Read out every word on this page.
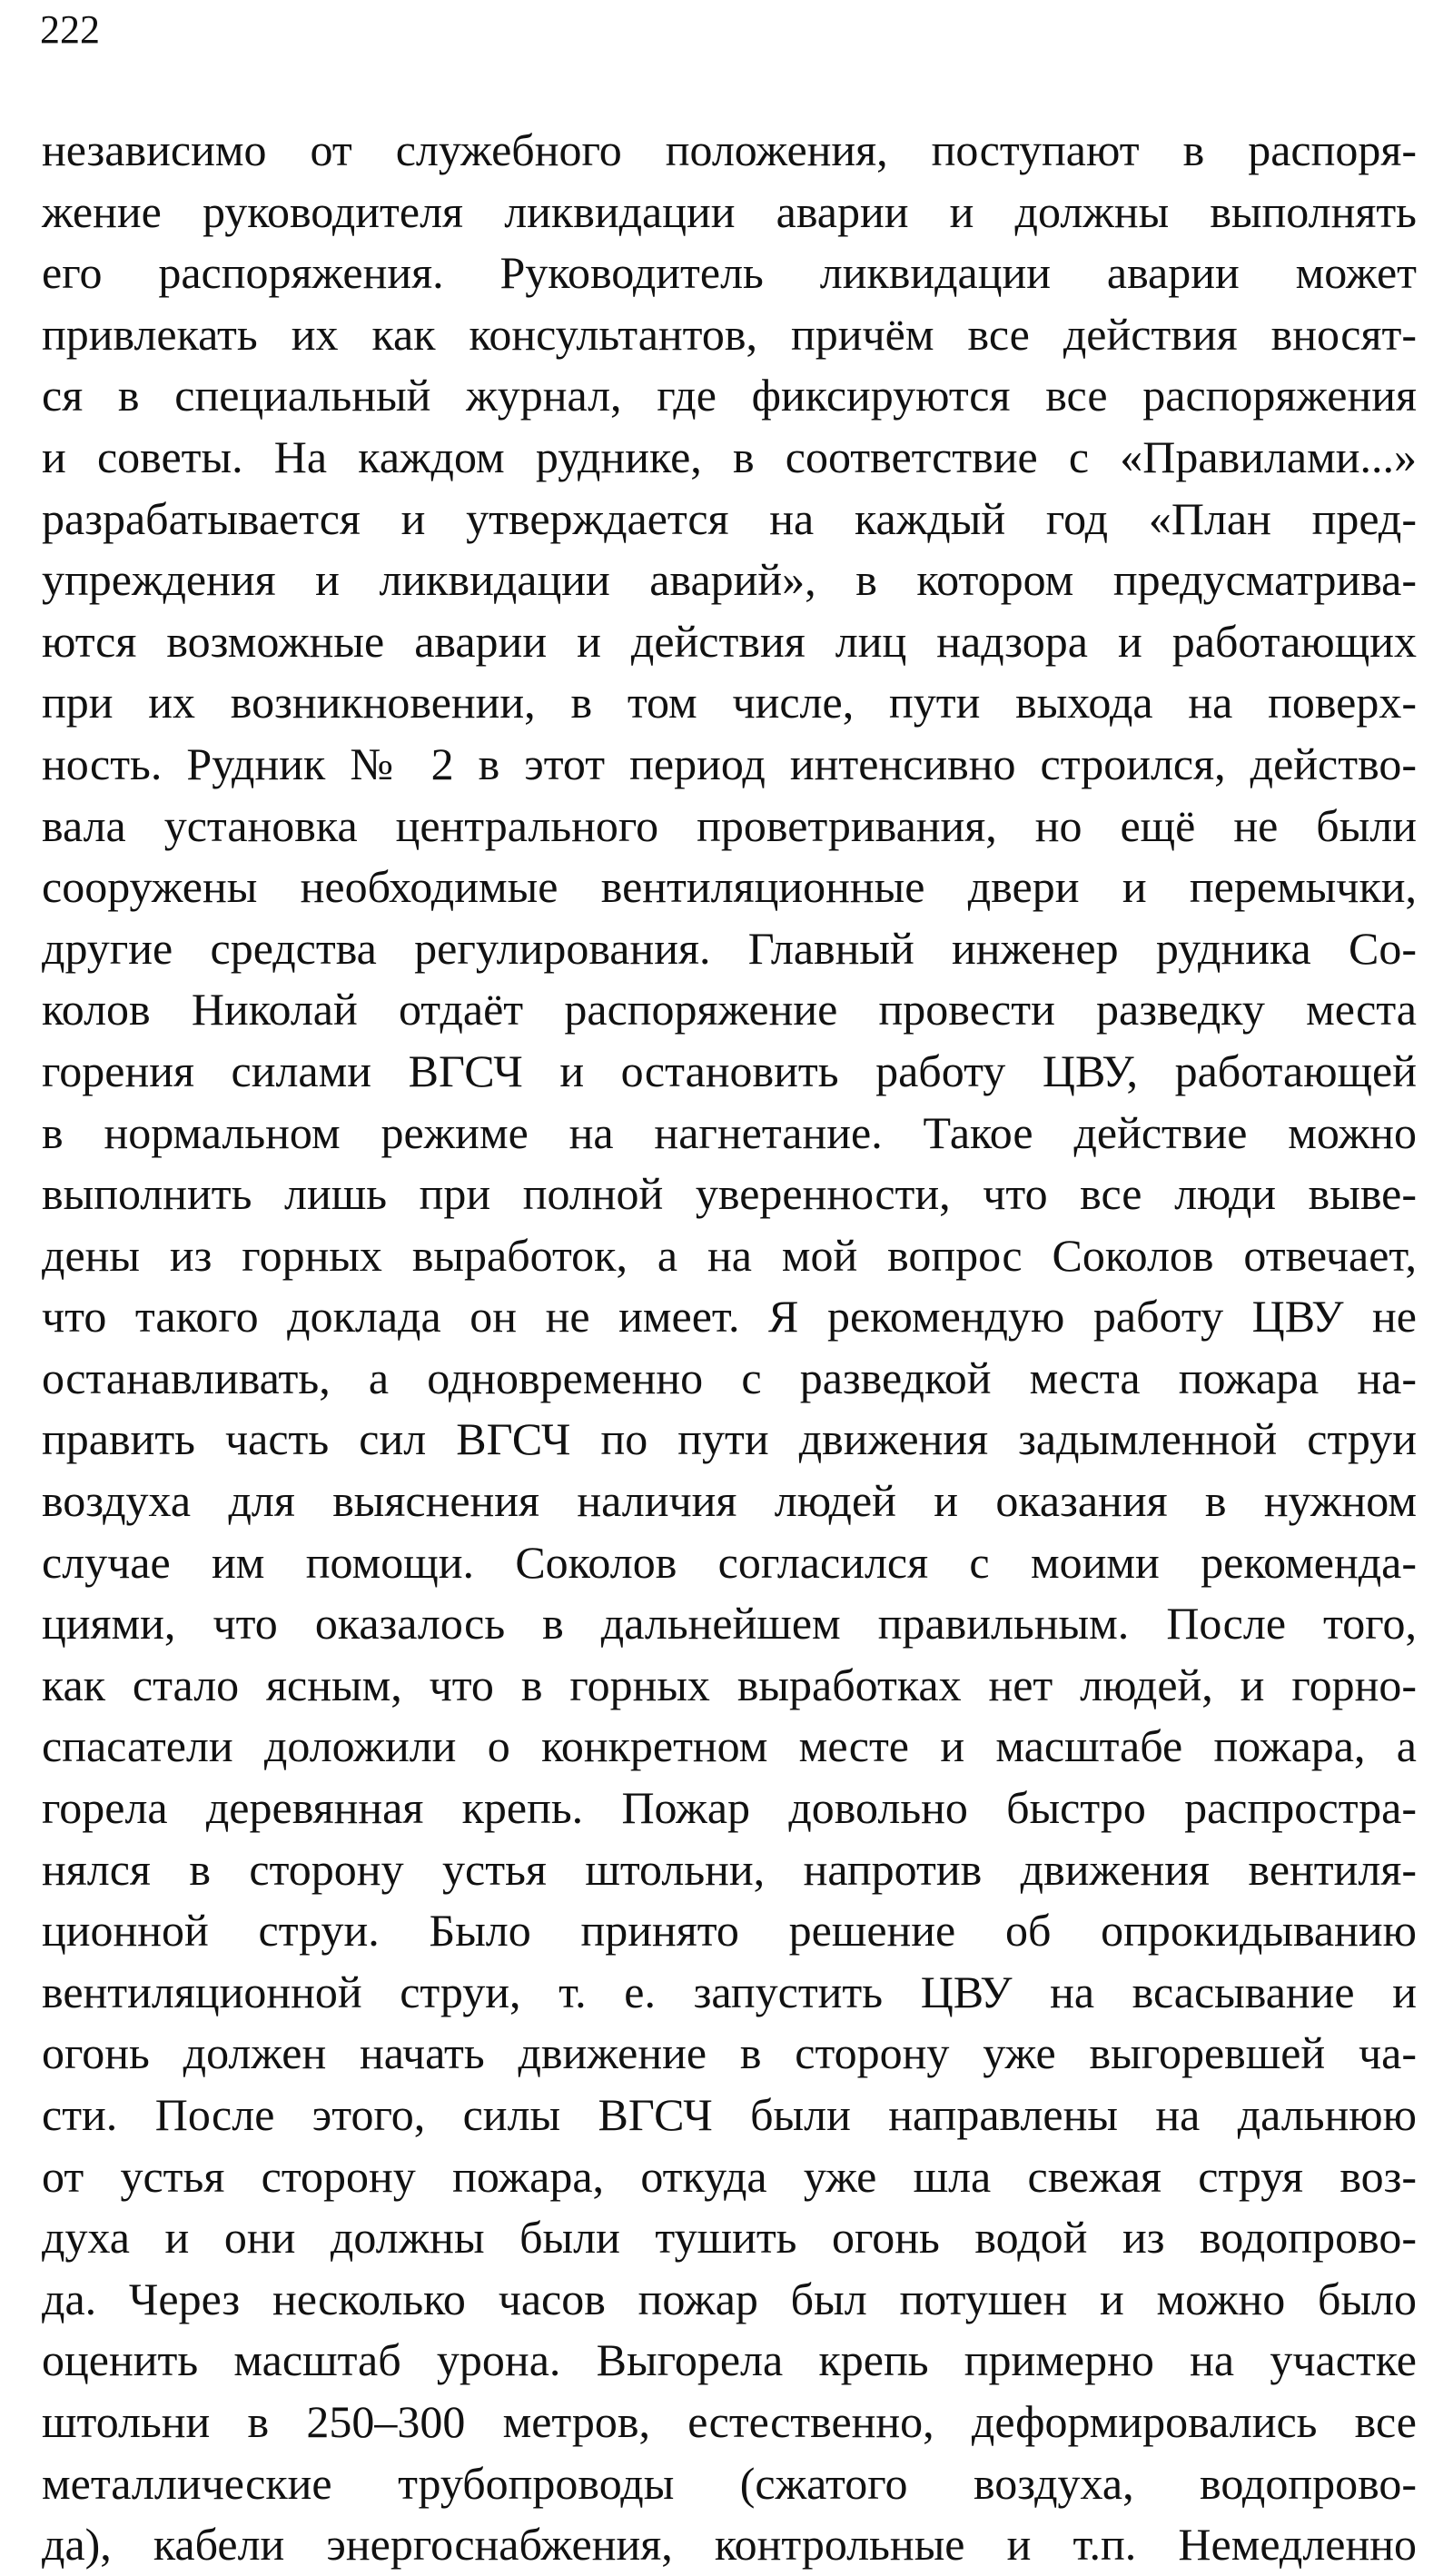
222
независимо от служебного положения, поступают в распоря-
жение руководителя ликвидации аварии и должны выполнять
его распоряжения. Руководитель ликвидации аварии может
привлекать их как консультантов, причём все действия вносят-
ся в специальный журнал, где фиксируются все распоряжения
и советы. На каждом руднике, в соответствие с «Правилами...»
разрабатывается и утверждается на каждый год «План пред-
упреждения и ликвидации аварий», в котором предусматрива-
ются возможные аварии и действия лиц надзора и работающих
при их возникновении, в том числе, пути выхода на поверх-
ность. Рудник № 2 в этот период интенсивно строился, действо-
вала установка центрального проветривания, но ещё не были
сооружены необходимые вентиляционные двери и перемычки,
другие средства регулирования. Главный инженер рудника Со-
колов Николай отдаёт распоряжение провести разведку места
горения силами ВГСЧ и остановить работу ЦВУ, работающей
в нормальном режиме на нагнетание. Такое действие можно
выполнить лишь при полной уверенности, что все люди выве-
дены из горных выработок, а на мой вопрос Соколов отвечает,
что такого доклада он не имеет. Я рекомендую работу ЦВУ не
останавливать, а одновременно с разведкой места пожара на-
править часть сил ВГСЧ по пути движения задымленной струи
воздуха для выяснения наличия людей и оказания в нужном
случае им помощи. Соколов согласился с моими рекоменда-
циями, что оказалось в дальнейшем правильным. После того,
как стало ясным, что в горных выработках нет людей, и горно-
спасатели доложили о конкретном месте и масштабе пожара, а
горела деревянная крепь. Пожар довольно быстро распростра-
нялся в сторону устья штольни, напротив движения вентиля-
ционной струи. Было принято решение об опрокидыванию
вентиляционной струи, т. е. запустить ЦВУ на всасывание и
огонь должен начать движение в сторону уже выгоревшей ча-
сти. После этого, силы ВГСЧ были направлены на дальнюю
от устья сторону пожара, откуда уже шла свежая струя воз-
духа и они должны были тушить огонь водой из водопрово-
да. Через несколько часов пожар был потушен и можно было
оценить масштаб урона. Выгорела крепь примерно на участке
штольни в 250–300 метров, естественно, деформировались все
металлические трубопроводы (сжатого воздуха, водопрово-
да), кабели энергоснабжения, контрольные и т.п. Немедленно
